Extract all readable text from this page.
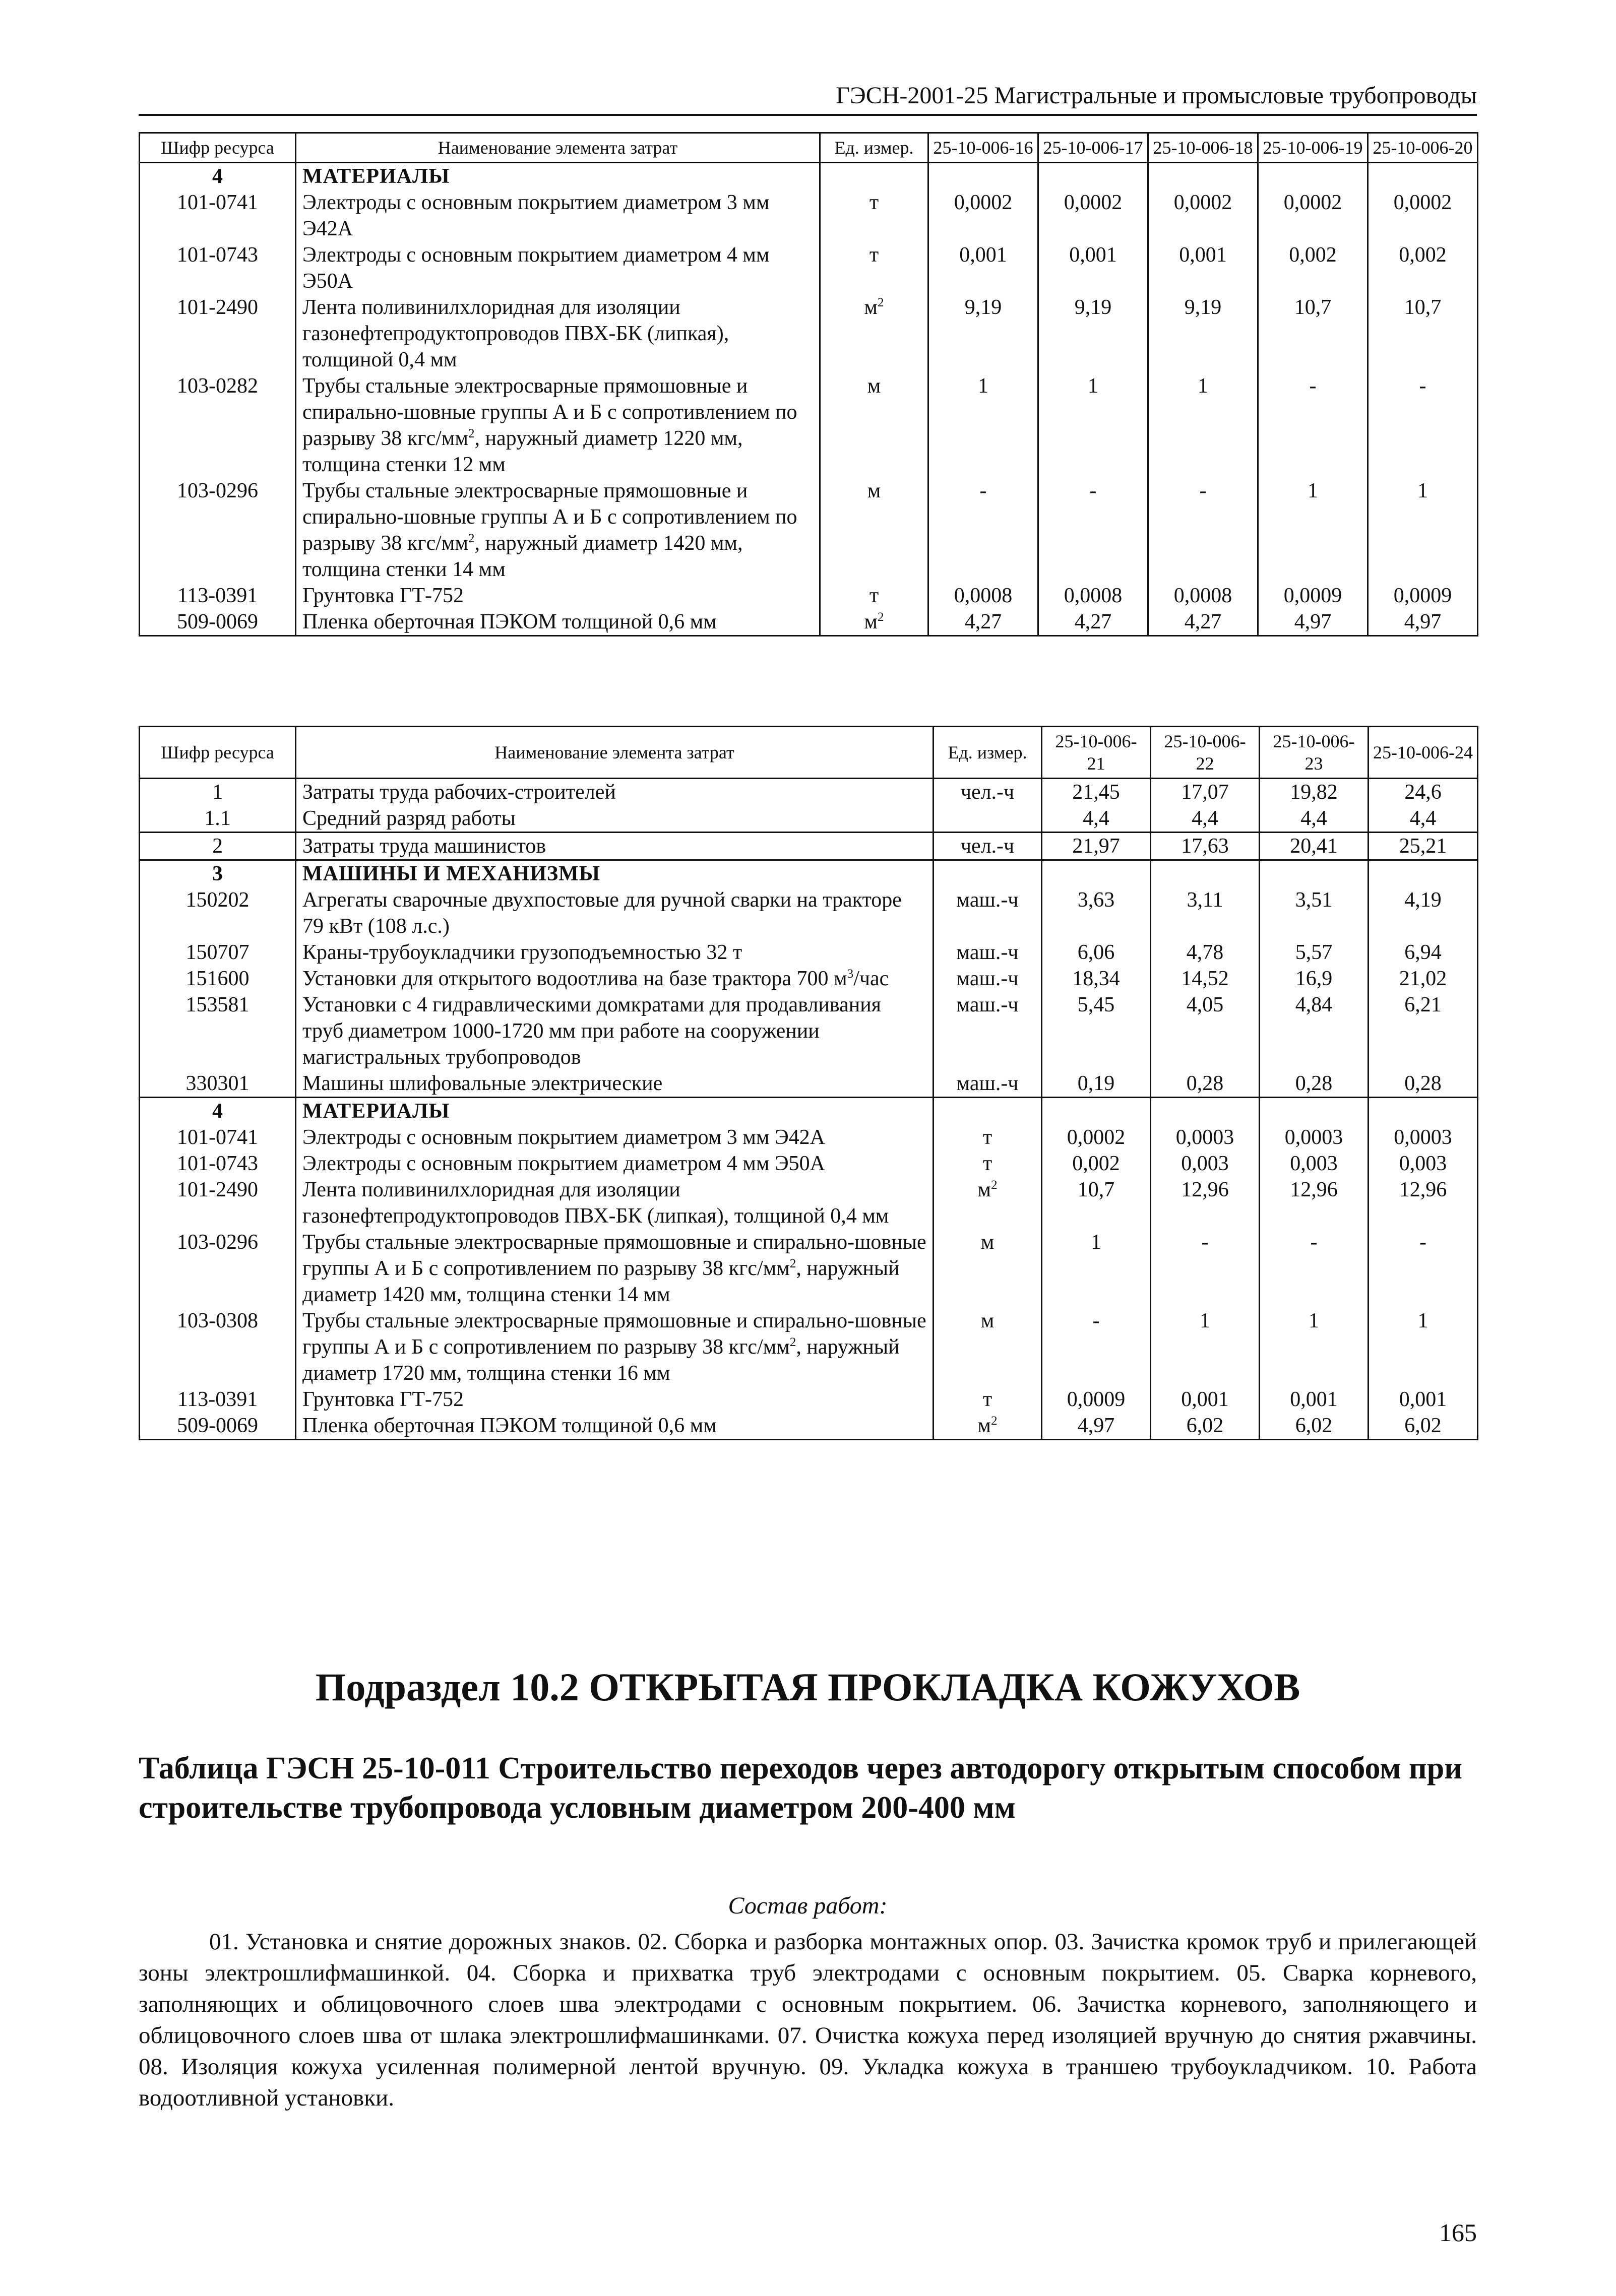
ГЭСН-2001-25 Магистральные и промысловые трубопроводы
Шифр ресурса	Наименование элемента затрат	Ед. измер.	25-10-006-16	25-10-006-17	25-10-006-18	25-10-006-19	25-10-006-20
4	МАТЕРИАЛЫ						
101-0741	Электроды с основным покрытием диаметром 3 мм Э42А	т	0,0002	0,0002	0,0002	0,0002	0,0002
101-0743	Электроды с основным покрытием диаметром 4 мм Э50А	т	0,001	0,001	0,001	0,002	0,002
101-2490	Лента поливинилхлоридная для изоляции газонефтепродуктопроводов ПВХ-БК (липкая), толщиной 0,4 мм	$м^2$	9,19	9,19	9,19	10,7	10,7
103-0282	Трубы стальные электросварные прямошовные и спирально-шовные группы А и Б с сопротивлением по разрыву 38 кгс/$мм^2$, наружный диаметр 1220 мм, толщина стенки 12 мм	м	1	1	1	-	-
103-0296	Трубы стальные электросварные прямошовные и спирально-шовные группы А и Б с сопротивлением по разрыву 38 кгс/$мм^2$, наружный диаметр 1420 мм, толщина стенки 14 мм	м	-	-	-	1	1
113-0391	Грунтовка ГТ-752	т	0,0008	0,0008	0,0008	0,0009	0,0009
509-0069	Пленка оберточная ПЭКОМ толщиной 0,6 мм	$м^2$	4,27	4,27	4,27	4,97	4,97
Шифр ресурса	Наименование элемента затрат	Ед. измер.	25-10-006-21	25-10-006-22	25-10-006-23	25-10-006-24
1	Затраты труда рабочих-строителей	чел.-ч	21,45	17,07	19,82	24,6
1.1	Средний разряд работы		4,4	4,4	4,4	4,4
2	Затраты труда машинистов	чел.-ч	21,97	17,63	20,41	25,21
3	МАШИНЫ И МЕХАНИЗМЫ					
150202	Агрегаты сварочные двухпостовые для ручной сварки на тракторе 79 кВт (108 л.с.)	маш.-ч	3,63	3,11	3,51	4,19
150707	Краны-трубоукладчики грузоподъемностью 32 т	маш.-ч	6,06	4,78	5,57	6,94
151600	Установки для открытого водоотлива на базе трактора 700 $м^3$/час	маш.-ч	18,34	14,52	16,9	21,02
153581	Установки с 4 гидравлическими домкратами для продавливания труб диаметром 1000-1720 мм при работе на сооружении магистральных трубопроводов	маш.-ч	5,45	4,05	4,84	6,21
330301	Машины шлифовальные электрические	маш.-ч	0,19	0,28	0,28	0,28
4	МАТЕРИАЛЫ					
101-0741	Электроды с основным покрытием диаметром 3 мм Э42А	т	0,0002	0,0003	0,0003	0,0003
101-0743	Электроды с основным покрытием диаметром 4 мм Э50А	т	0,002	0,003	0,003	0,003
101-2490	Лента поливинилхлоридная для изоляции газонефтепродуктопроводов ПВХ-БК (липкая), толщиной 0,4 мм	$м^2$	10,7	12,96	12,96	12,96
103-0296	Трубы стальные электросварные прямошовные и спирально-шовные группы А и Б с сопротивлением по разрыву 38 кгс/$мм^2$, наружный диаметр 1420 мм, толщина стенки 14 мм	м	1	-	-	-
103-0308	Трубы стальные электросварные прямошовные и спирально-шовные группы А и Б с сопротивлением по разрыву 38 кгс/$мм^2$, наружный диаметр 1720 мм, толщина стенки 16 мм	м	-	1	1	1
113-0391	Грунтовка ГТ-752	т	0,0009	0,001	0,001	0,001
509-0069	Пленка оберточная ПЭКОМ толщиной 0,6 мм	$м^2$	4,97	6,02	6,02	6,02
Подраздел 10.2 ОТКРЫТАЯ ПРОКЛАДКА КОЖУХОВ
Таблица ГЭСН 25-10-011 Строительство переходов через автодорогу открытым способом при строительстве трубопровода условным диаметром 200-400 мм
Состав работ:
01. Установка и снятие дорожных знаков. 02. Сборка и разборка монтажных опор. 03. Зачистка кромок труб и прилегающей зоны электрошлифмашинкой. 04. Сборка и прихватка труб электродами с основным покрытием. 05. Сварка корневого, заполняющих и облицовочного слоев шва электродами с основным покрытием. 06. Зачистка корневого, заполняющего и облицовочного слоев шва от шлака электрошлифмашинками. 07. Очистка кожуха перед изоляцией вручную до снятия ржавчины. 08. Изоляция кожуха усиленная полимерной лентой вручную. 09. Укладка кожуха в траншею трубоукладчиком. 10. Работа водоотливной установки.
165
